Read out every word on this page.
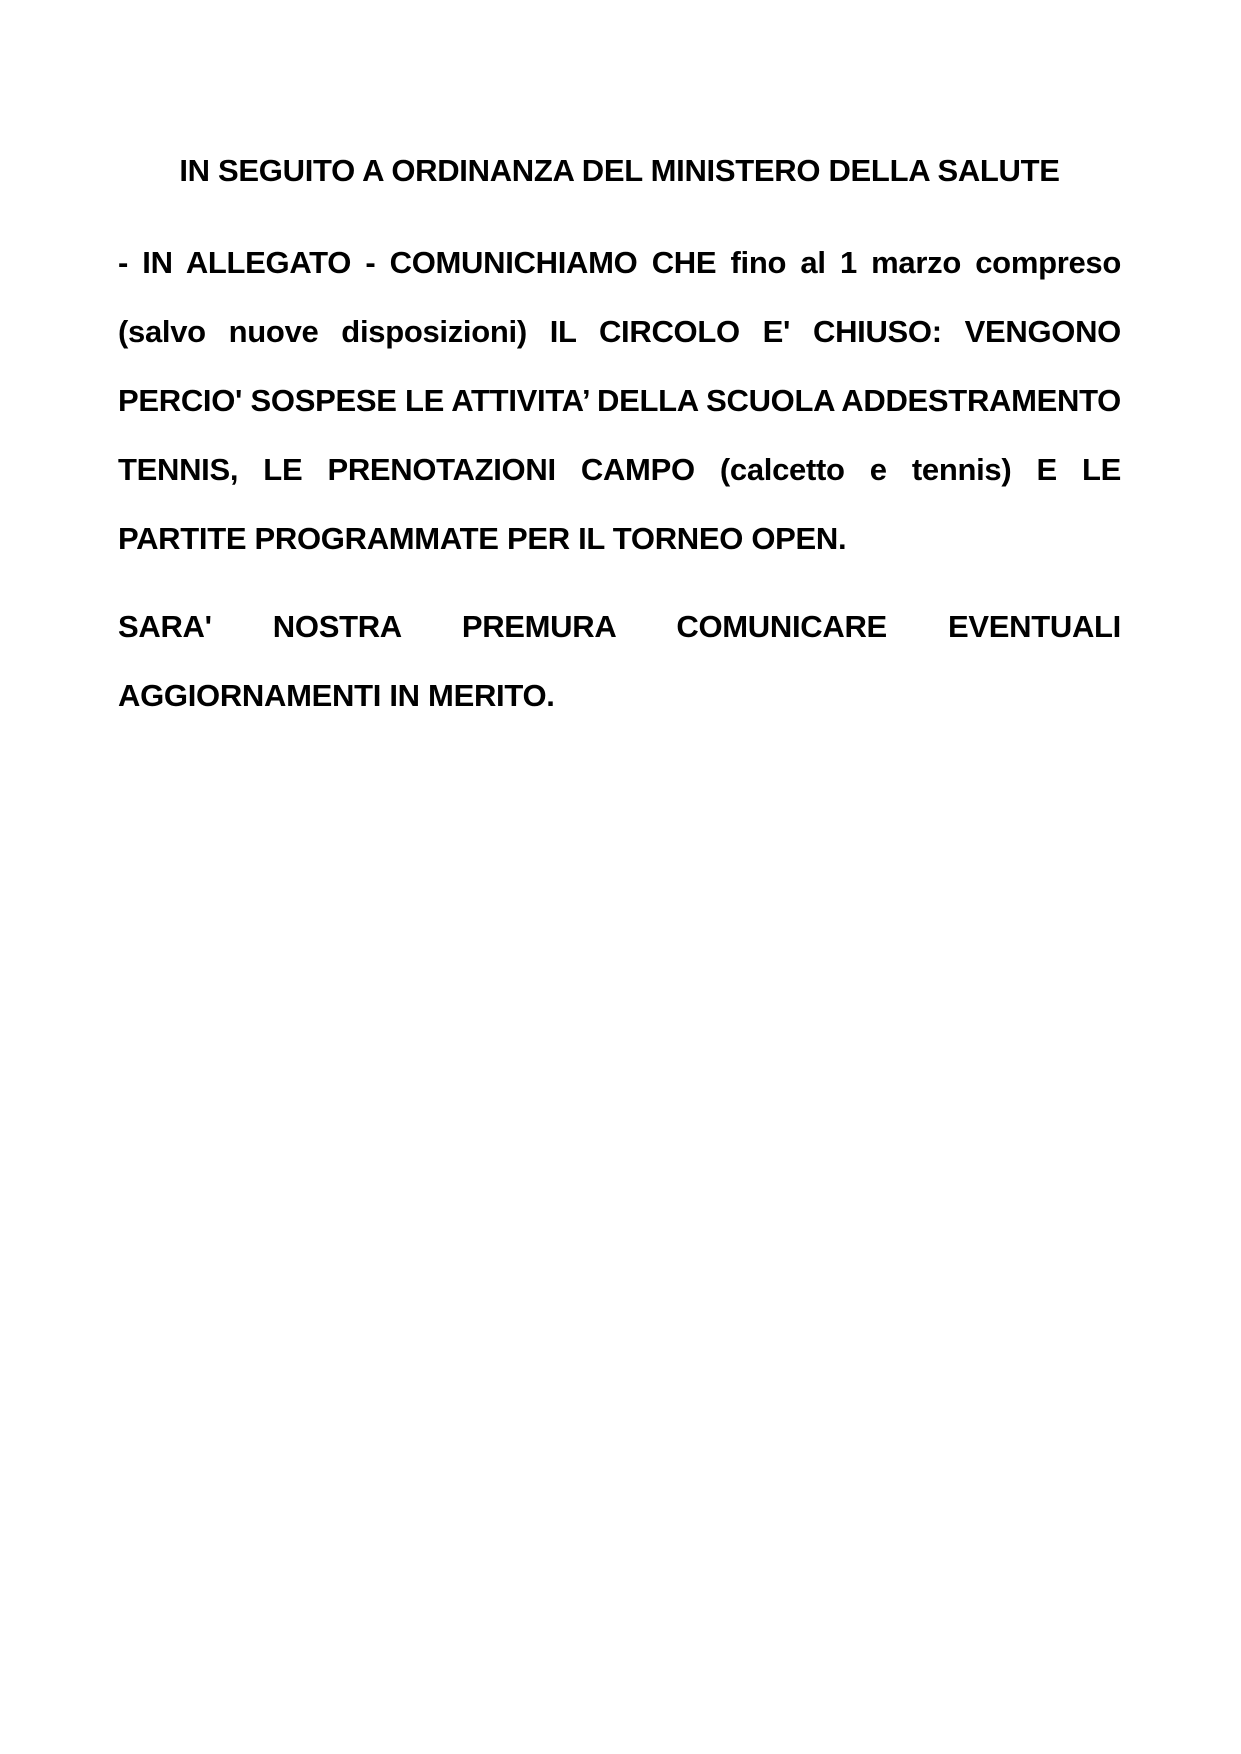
IN SEGUITO A ORDINANZA DEL MINISTERO DELLA SALUTE

- IN ALLEGATO - COMUNICHIAMO CHE fino al 1 marzo compreso (salvo nuove disposizioni) IL CIRCOLO E' CHIUSO: VENGONO PERCIO' SOSPESE LE ATTIVITA’ DELLA SCUOLA ADDESTRAMENTO TENNIS, LE PRENOTAZIONI CAMPO (calcetto e tennis) E LE PARTITE PROGRAMMATE PER IL TORNEO OPEN.

SARA' NOSTRA PREMURA COMUNICARE EVENTUALI AGGIORNAMENTI IN MERITO.
